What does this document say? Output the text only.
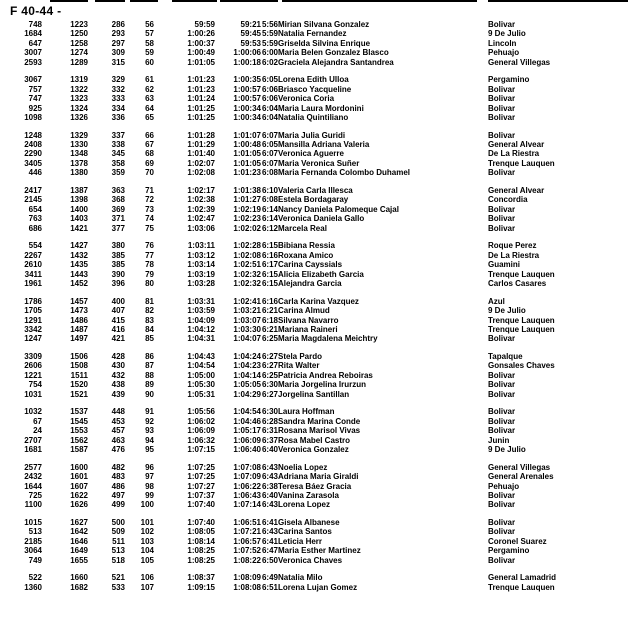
F 40-44 -
748	1223	286	56	59:59	59:21 5:56 Mirian Silvana Gonzalez	Bolivar
1684	1250	293	57	1:00:26	59:45 5:59 Natalia Fernandez	9 De Julio
647	1258	297	58	1:00:37	59:53 5:59 Griselda Silvina Enrique	Lincoln
3007	1274	309	59	1:00:49	1:00:06 6:00 Maria Belen Gonzalez Blasco	Pehuajo
2593	1289	315	60	1:01:05	1:00:18 6:02 Graciela Alejandra Santandrea	General Villegas
3067	1319	329	61	1:01:23	1:00:35 6:05 Lorena Edith Ulloa	Pergamino
757	1322	332	62	1:01:23	1:00:57 6:06 Briasco Yacqueline	Bolivar
747	1323	333	63	1:01:24	1:00:57 6:06 Veronica Coria	Bolivar
925	1324	334	64	1:01:25	1:00:34 6:04 Maria Laura Mordonini	Bolivar
1098	1326	336	65	1:01:25	1:00:34 6:04 Natalia Quintiliano	Bolivar
1248	1329	337	66	1:01:28	1:01:07 6:07 Maria Julia Guridi	Bolivar
2408	1330	338	67	1:01:29	1:00:48 6:05 Mansilla Adriana Valeria	General Alvear
2290	1348	345	68	1:01:40	1:01:05 6:07 Veronica Aguerre	De La Riestra
3405	1378	358	69	1:02:07	1:01:05 6:07 Maria Veronica Suñer	Trenque Lauquen
446	1380	359	70	1:02:08	1:01:23 6:08 Maria Fernanda Colombo Duhamel	Bolivar
2417	1387	363	71	1:02:17	1:01:38 6:10 Valeria Carla Illesca	General Alvear
2145	1398	368	72	1:02:38	1:01:27 6:08 Estela Bordagaray	Concordia
654	1400	369	73	1:02:39	1:02:19 6:14 Nancy Daniela Palomeque Cajal	Bolivar
763	1403	371	74	1:02:47	1:02:23 6:14 Veronica Daniela Gallo	Bolivar
686	1421	377	75	1:03:06	1:02:02 6:12 Marcela Real	Bolivar
554	1427	380	76	1:03:11	1:02:28 6:15 Bibiana Ressia	Roque Perez
2267	1432	385	77	1:03:12	1:02:08 6:16 Roxana Amico	De La Riestra
2610	1435	385	78	1:03:14	1:02:51 6:17 Carina Cayssials	Guamini
3411	1443	390	79	1:03:19	1:02:32 6:15 Alicia Elizabeth Garcia	Trenque Lauquen
1961	1452	396	80	1:03:28	1:02:32 6:15 Alejandra Garcia	Carlos Casares
1786	1457	400	81	1:03:31	1:02:41 6:16 Carla Karina Vazquez	Azul
1705	1473	407	82	1:03:59	1:03:21 6:21 Carina Almud	9 De Julio
1291	1486	415	83	1:04:09	1:03:07 6:18 Silvana Navarro	Trenque Lauquen
3342	1487	416	84	1:04:12	1:03:30 6:21 Mariana Raineri	Trenque Lauquen
1247	1497	421	85	1:04:31	1:04:07 6:25 Maria Magdalena Meichtry	Bolivar
3309	1506	428	86	1:04:43	1:04:24 6:27 Stela Pardo	Tapalque
2606	1508	430	87	1:04:54	1:04:23 6:27 Rita Walter	Gonsales Chaves
1221	1511	432	88	1:05:00	1:04:14 6:25 Patricia Andrea Reboiras	Bolivar
754	1520	438	89	1:05:30	1:05:05 6:30 Maria Jorgelina Irurzun	Bolivar
1031	1521	439	90	1:05:31	1:04:29 6:27 Jorgelina Santillan	Bolivar
1032	1537	448	91	1:05:56	1:04:54 6:30 Laura Hoffman	Bolivar
67	1545	453	92	1:06:02	1:04:46 6:28 Sandra Marina Conde	Bolivar
24	1553	457	93	1:06:09	1:05:17 6:31 Rosana Marisol Vivas	Bolivar
2707	1562	463	94	1:06:32	1:06:09 6:37 Rosa Mabel Castro	Junin
1681	1587	476	95	1:07:15	1:06:40 6:40 Veronica Gonzalez	9 De Julio
2577	1600	482	96	1:07:25	1:07:08 6:43 Noelia Lopez	General Villegas
2432	1601	483	97	1:07:25	1:07:09 6:43 Adriana Maria Giraldi	General Arenales
1644	1607	486	98	1:07:27	1:06:22 6:38 Teresa Báez Gracia	Pehuajo
725	1622	497	99	1:07:37	1:06:43 6:40 Vanina Zarasola	Bolivar
1100	1626	499	100	1:07:40	1:07:14 6:43 Lorena Lopez	Bolivar
1015	1627	500	101	1:07:40	1:06:51 6:41 Gisela Albanese	Bolivar
513	1642	509	102	1:08:05	1:07:21 6:43 Carina Santos	Bolivar
2185	1646	511	103	1:08:14	1:06:57 6:41 Leticia Herr	Coronel Suarez
3064	1649	513	104	1:08:25	1:07:52 6:47 Maria Esther Martinez	Pergamino
749	1655	518	105	1:08:25	1:08:22 6:50 Veronica Chaves	Bolivar
522	1660	521	106	1:08:37	1:08:09 6:49 Natalia Milo	General Lamadrid
1360	1682	533	107	1:09:15	1:08:08 6:51 Lorena Lujan Gomez	Trenque Lauquen
